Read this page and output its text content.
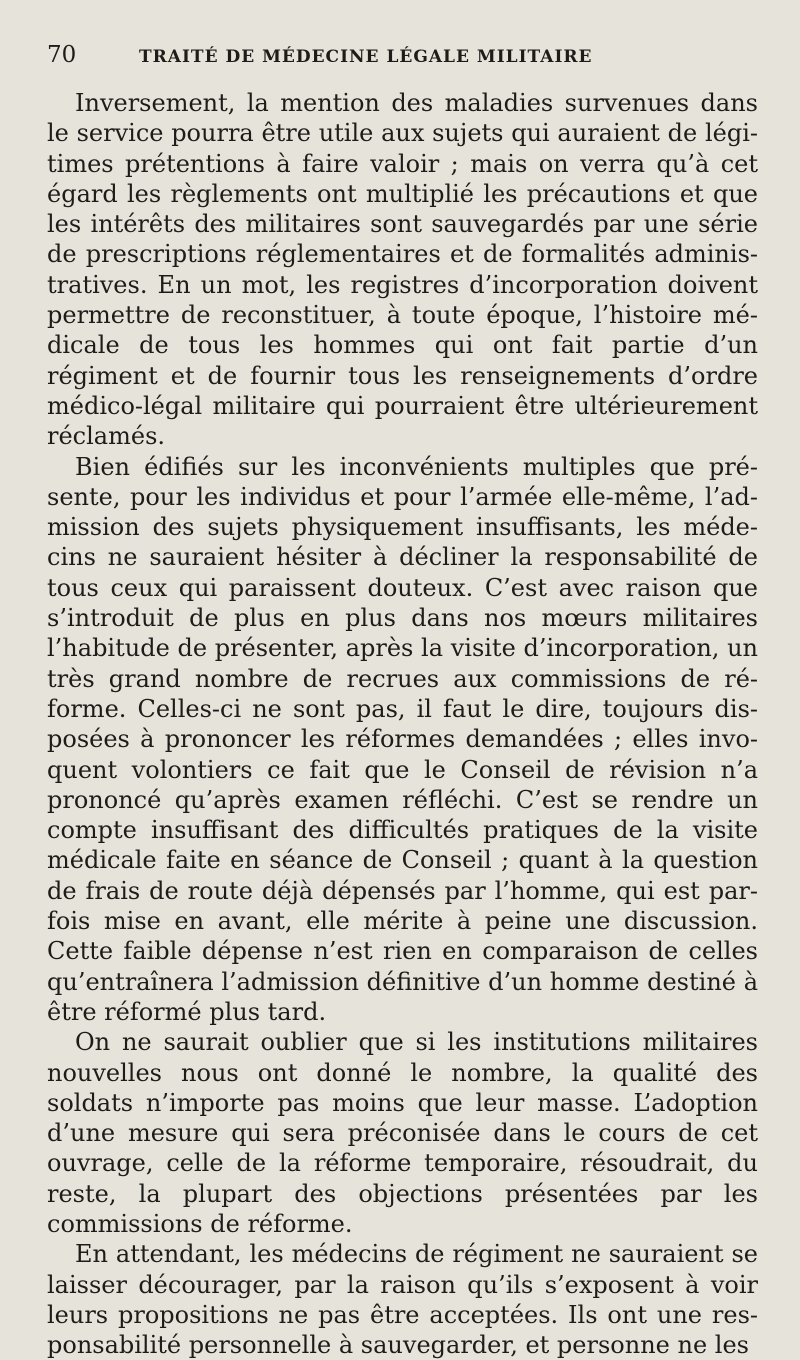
70	TRAITÉ DE MÉDECINE LÉGALE MILITAIRE

Inversement, la mention des maladies survenues dans le service pourra être utile aux sujets qui auraient de légitimes prétentions à faire valoir ; mais on verra qu’à cet égard les règlements ont multiplié les précautions et que les intérêts des militaires sont sauvegardés par une série de prescriptions réglementaires et de formalités administratives. En un mot, les registres d’incorporation doivent permettre de reconstituer, à toute époque, l’histoire médicale de tous les hommes qui ont fait partie d’un régiment et de fournir tous les renseignements d’ordre médico-légal militaire qui pourraient être ultérieurement réclamés.

Bien édifiés sur les inconvénients multiples que présente, pour les individus et pour l’armée elle-même, l’admission des sujets physiquement insuffisants, les médecins ne sauraient hésiter à décliner la responsabilité de tous ceux qui paraissent douteux. C’est avec raison que s’introduit de plus en plus dans nos mœurs militaires l’habitude de présenter, après la visite d’incorporation, un très grand nombre de recrues aux commissions de réforme. Celles-ci ne sont pas, il faut le dire, toujours disposées à prononcer les réformes demandées ; elles invoquent volontiers ce fait que le Conseil de révision n’a prononcé qu’après examen réfléchi. C’est se rendre un compte insuffisant des difficultés pratiques de la visite médicale faite en séance de Conseil ; quant à la question de frais de route déjà dépensés par l’homme, qui est parfois mise en avant, elle mérite à peine une discussion. Cette faible dépense n’est rien en comparaison de celles qu’entraînera l’admission définitive d’un homme destiné à être réformé plus tard.

On ne saurait oublier que si les institutions militaires nouvelles nous ont donné le nombre, la qualité des soldats n’importe pas moins que leur masse. L’adoption d’une mesure qui sera préconisée dans le cours de cet ouvrage, celle de la réforme temporaire, résoudrait, du reste, la plupart des objections présentées par les commissions de réforme.

En attendant, les médecins de régiment ne sauraient se laisser décourager, par la raison qu’ils s’exposent à voir leurs propositions ne pas être acceptées. Ils ont une responsabilité personnelle à sauvegarder, et personne ne les
